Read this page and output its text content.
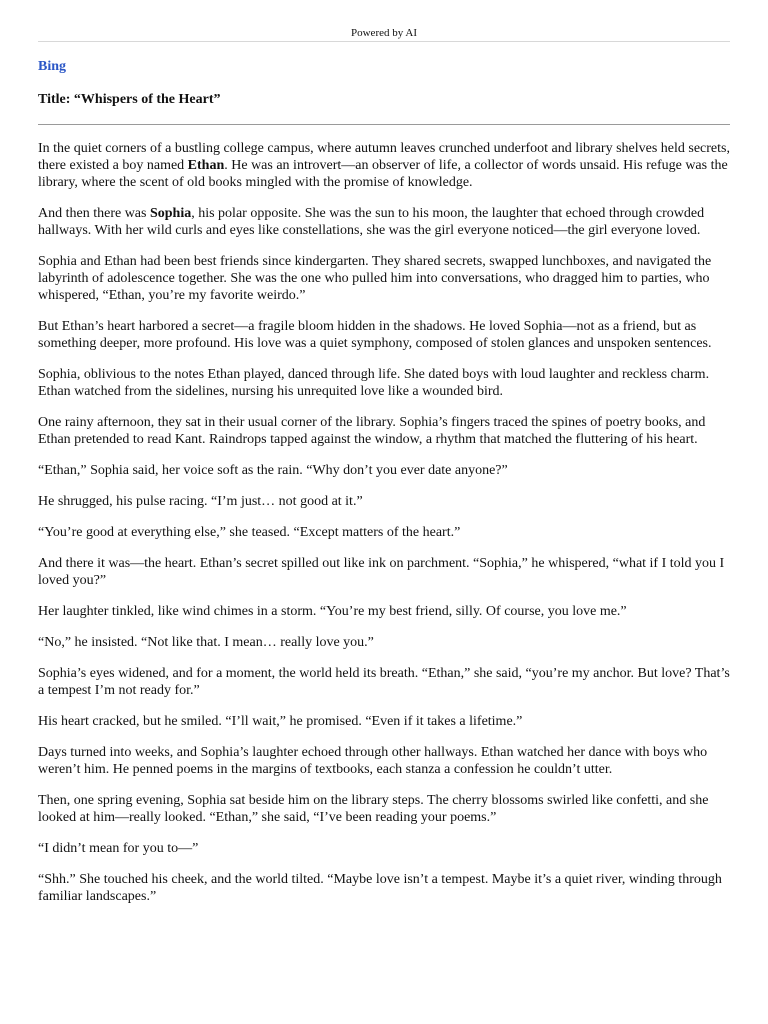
Powered by AI
Bing
Title: “Whispers of the Heart”

In the quiet corners of a bustling college campus, where autumn leaves crunched underfoot and library shelves held secrets, there existed a boy named Ethan. He was an introvert—an observer of life, a collector of words unsaid. His refuge was the library, where the scent of old books mingled with the promise of knowledge.

And then there was Sophia, his polar opposite. She was the sun to his moon, the laughter that echoed through crowded hallways. With her wild curls and eyes like constellations, she was the girl everyone noticed—the girl everyone loved.

Sophia and Ethan had been best friends since kindergarten. They shared secrets, swapped lunchboxes, and navigated the labyrinth of adolescence together. She was the one who pulled him into conversations, who dragged him to parties, who whispered, “Ethan, you’re my favorite weirdo.”

But Ethan’s heart harbored a secret—a fragile bloom hidden in the shadows. He loved Sophia—not as a friend, but as something deeper, more profound. His love was a quiet symphony, composed of stolen glances and unspoken sentences.

Sophia, oblivious to the notes Ethan played, danced through life. She dated boys with loud laughter and reckless charm. Ethan watched from the sidelines, nursing his unrequited love like a wounded bird.

One rainy afternoon, they sat in their usual corner of the library. Sophia’s fingers traced the spines of poetry books, and Ethan pretended to read Kant. Raindrops tapped against the window, a rhythm that matched the fluttering of his heart.

“Ethan,” Sophia said, her voice soft as the rain. “Why don’t you ever date anyone?”

He shrugged, his pulse racing. “I’m just… not good at it.”

“You’re good at everything else,” she teased. “Except matters of the heart.”

And there it was—the heart. Ethan’s secret spilled out like ink on parchment. “Sophia,” he whispered, “what if I told you I loved you?”

Her laughter tinkled, like wind chimes in a storm. “You’re my best friend, silly. Of course, you love me.”

“No,” he insisted. “Not like that. I mean… really love you.”

Sophia’s eyes widened, and for a moment, the world held its breath. “Ethan,” she said, “you’re my anchor. But love? That’s a tempest I’m not ready for.”

His heart cracked, but he smiled. “I’ll wait,” he promised. “Even if it takes a lifetime.”

Days turned into weeks, and Sophia’s laughter echoed through other hallways. Ethan watched her dance with boys who weren’t him. He penned poems in the margins of textbooks, each stanza a confession he couldn’t utter.

Then, one spring evening, Sophia sat beside him on the library steps. The cherry blossoms swirled like confetti, and she looked at him—really looked. “Ethan,” she said, “I’ve been reading your poems.”

“I didn’t mean for you to—”

“Shh.” She touched his cheek, and the world tilted. “Maybe love isn’t a tempest. Maybe it’s a quiet river, winding through familiar landscapes.”
